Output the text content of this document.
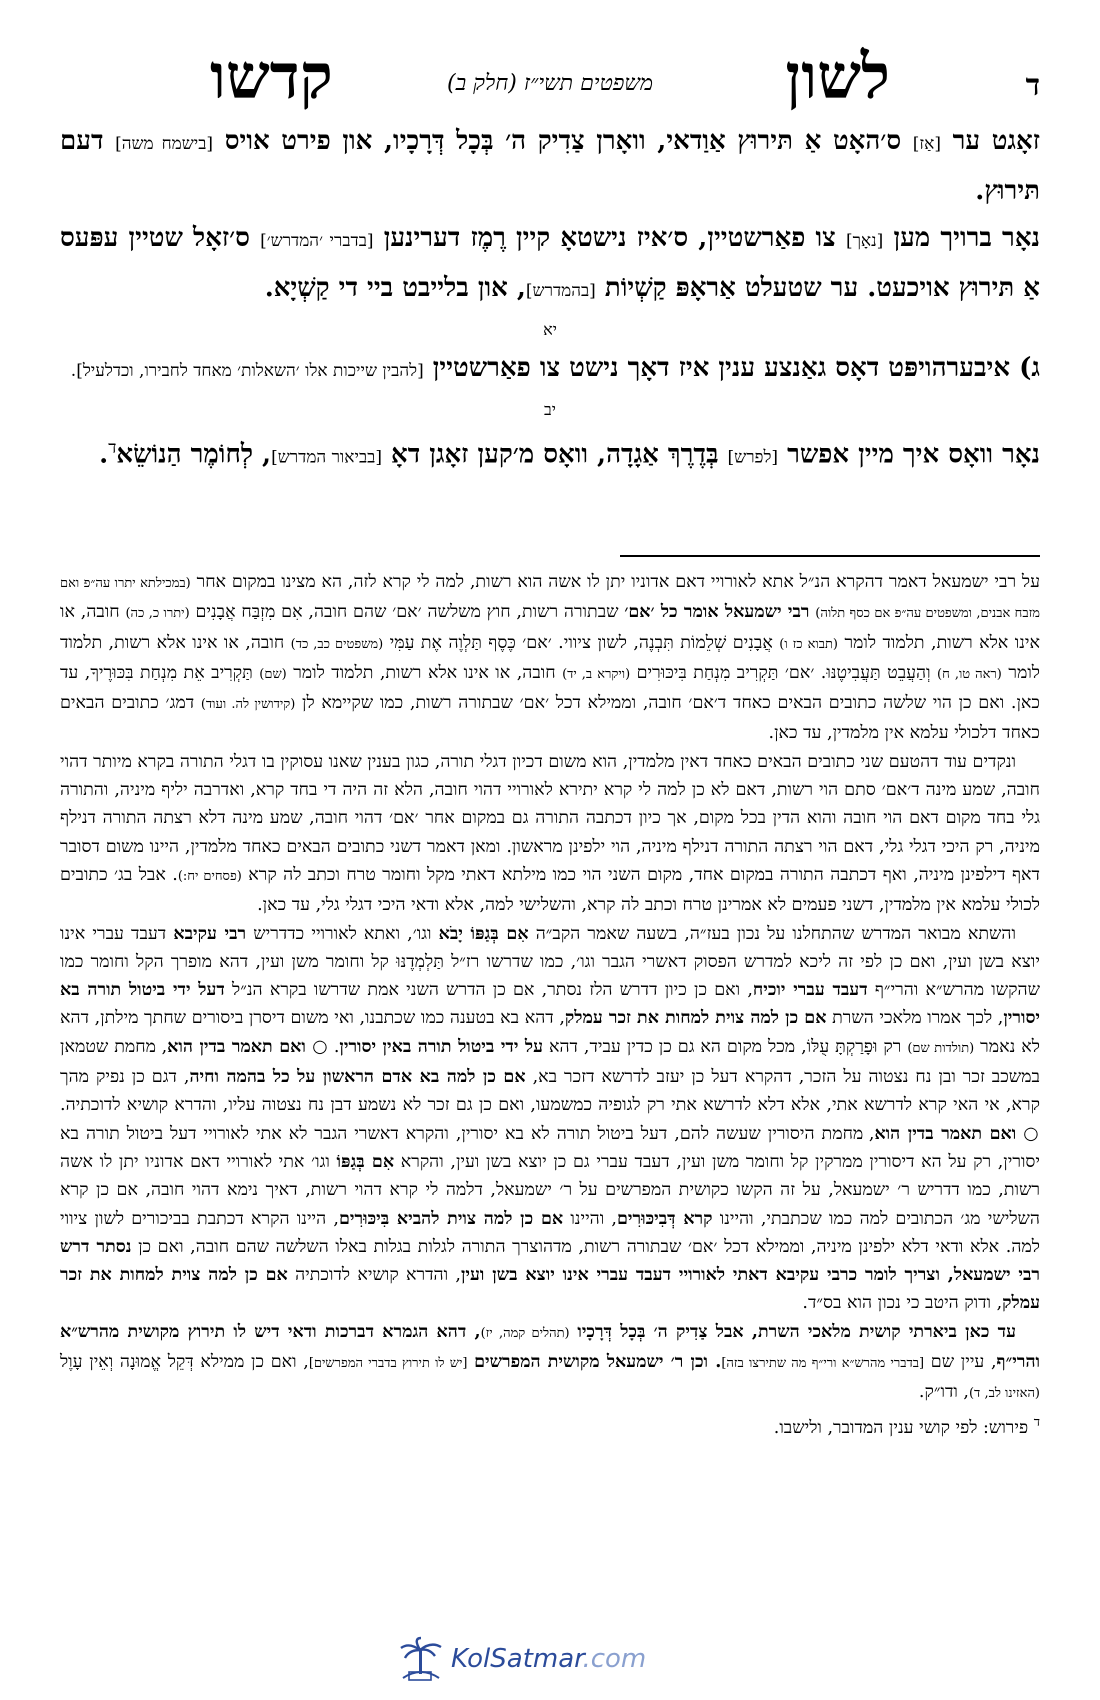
ד
לשון
משפטים תשי״ז (חלק ב)
קדשו

זאָגט ער [אַז] ס׳האָט אַ תּירוּץ אַוַדאי, וואָרן צַדִיק ה׳ בְּכָל דְּרָכָיו, און פירט אויס [בישמח משה] דעם תּירוּץ.

נאָר ברויך מען [נאָך] צו פאַרשטיין, ס׳איז נישטאָ קיין רֶמֶז דערינען [בדברי ׳המדרש׳] ס׳זאָל שטיין עפּעס אַ תּירוּץ אויכעט. ער שטעלט אַראָפּ קַשְׁיוֹת [בהמדרש], און בלייבט ביי די קַשְׁיָא.

יא

ג) איבערהויפּט דאָס גאַנצע ענין איז דאָך נישט צו פאַרשטיין [להבין שייכות אלו ׳השאלות׳ מאחד לחבירו, וכדלעיל].

יב

נאָר וואָס איך מיין אפשר [לפרש] בְּדֶרֶךְ אַגָדָה, וואָס מ׳קען זאָגן דאָ [בביאור המדרש], לְחוֹמֶר הַנוֹשֵׂא$^ד$.

על רבי ישמעאל דאמר דהקרא הנ״ל אתא לאורויי דאם אדוניו יתן לו אשה הוא רשות, למה לי קרא לזה, הא מצינו במקום אחר (במכילתא יתרו עה״פ ואם מזבח אבנים, ומשפטים עה״פ אם כסף תלוה) רבי ישמעאל אומר כל ׳אם׳ שבתורה רשות, חוץ משלשה ׳אם׳ שהם חובה, אִם מִזְבַּח אֲבָנִים (יתרו כ, כה) חובה, או אינו אלא רשות, תלמוד לומר (תבוא כז ו) אֲבָנִים שְׁלֵמוֹת תִּבְנֶה, לשון ציווי. ׳אם׳ כֶּסֶף תַּלְוֶה אֶת עַמִּי (משפטים כב, כד) חובה, או אינו אלא רשות, תלמוד לומר (ראה טו, ח) וְהַעֲבֵט תַּעֲבִיטֶנּוּ. ׳אם׳ תַּקְרִיב מִנְחַת בִּיכּוּרִים (ויקרא ב, יד) חובה, או אינו אלא רשות, תלמוד לומר (שם) תַּקְרִיב אֵת מִנְחַת בִּכּוּרֶיךָ, עד כאן. ואם כן הוי שלשה כתובים הבאים כאחד ד׳אם׳ חובה, וממילא דכל ׳אם׳ שבתורה רשות, כמו שקיימא לן (קידושין לה. ועוד) דמג׳ כתובים הבאים כאחד דלכולי עלמא אין מלמדין, עד כאן.

ונקדים עוד דהטעם שני כתובים הבאים כאחד דאין מלמדין, הוא משום דכיון דגלי תורה, כגון בענין שאנו עסוקין בו דגלי התורה בקרא מיותר דהוי חובה, שמע מינה ד׳אם׳ סתם הוי רשות, דאם לא כן למה לי קרא יתירא לאורויי דהוי חובה, הלא זה היה די בחד קרא, ואדרבה יליף מיניה, והתורה גלי בחד מקום דאם הוי חובה והוא הדין בכל מקום, אך כיון דכתבה התורה גם במקום אחר ׳אם׳ דהוי חובה, שמע מינה דלא רצתה התורה דנילף מיניה, רק היכי דגלי גלי, דאם הוי רצתה התורה דנילף מיניה, הוי ילפינן מראשון. ומאן דאמר דשני כתובים הבאים כאחד מלמדין, היינו משום דסובר דאף דילפינן מיניה, ואף דכתבה התורה במקום אחד, מקום השני הוי כמו מילתא דאתי מקל וחומר טרח וכתב לה קרא (פסחים יח:). אבל בג׳ כתובים לכולי עלמא אין מלמדין, דשני פעמים לא אמרינן טרח וכתב לה קרא, והשלישי למה, אלא ודאי היכי דגלי גלי, עד כאן.

והשתא מבואר המדרש שהתחלנו על נכון בעז״ה, בשעה שאמר הקב״ה אִם בְּגַפּוֹ יָבֹא וגו׳, ואתא לאורויי כדדריש רבי עקיבא דעבד עברי אינו יוצא בשן ועין, ואם כן לפי זה ליכא למדרש הפסוק דאשרי הגבר וגו׳, כמו שדרשו רז״ל תַּלְמְדֶנּוּ קל וחומר משן ועין, דהא מופרך הקל וחומר כמו שהקשו מהרש״א והרי״ף דעבד עברי יוכיח, ואם כן כיון דדרש הלז נסתר, אם כן הדרש השני אמת שדרשו בקרא הנ״ל דעל ידי ביטול תורה בא יסורין, לכך אמרו מלאכי השרת אם כן למה צוית למחות את זכר עמלק, דהא בא בטענה כמו שכתבנו, ואי משום דיסרן ביסורים שחתך מילתן, דהא לא נאמר (תולדות שם) רק וּפָרַקְתָּ עֻלּוֹ, מכל מקום הא גם כן כדין עביד, דהא על ידי ביטול תורה באין יסורין. ○ ואם תאמר בדין הוא, מחמת שטמאן במשכב זכר ובן נח נצטוה על הזכר, דהקרא דעל כן יעזב לדרשא דזכר בא, אם כן למה בא אדם הראשון על כל בהמה וחיה, דגם כן נפיק מהך קרא, אי האי קרא לדרשא אתי, אלא דלא לדרשא אתי רק לגופיה כמשמעו, ואם כן גם זכר לא נשמע דבן נח נצטוה עליו, והדרא קושיא לדוכתיה. ○ ואם תאמר בדין הוא, מחמת היסורין שעשה להם, דעל ביטול תורה לא בא יסורין, והקרא דאשרי הגבר לא אתי לאורויי דעל ביטול תורה בא יסורין, רק על הא דיסורין ממרקין קל וחומר משן ועין, דעבד עברי גם כן יוצא בשן ועין, והקרא אִם בְּגַפּוֹ וגו׳ אתי לאורויי דאם אדוניו יתן לו אשה רשות, כמו דדריש ר׳ ישמעאל, על זה הקשו כקושית המפרשים על ר׳ ישמעאל, דלמה לי קרא דהוי רשות, דאיך נימא דהוי חובה, אם כן קרא השלישי מג׳ הכתובים למה כמו שכתבתי, והיינו קרא דְּבִיכּוּרִים, והיינו אם כן למה צוית להביא בִּיכּוּרִים, היינו הקרא דכתבת בביכורים לשון ציווי למה. אלא ודאי דלא ילפינן מיניה, וממילא דכל ׳אם׳ שבתורה רשות, מדהוצרך התורה לגלות בגלות באלו השלשה שהם חובה, ואם כן נסתר דרש רבי ישמעאל, וצריך לומר כרבי עקיבא דאתי לאורויי דעבד עברי אינו יוצא בשן ועין, והדרא קושיא לדוכתיה אם כן למה צוית למחות את זכר עמלק, ודוק היטב כי נכון הוא בס״ד.

עד כאן ביארתי קושית מלאכי השרת, אבל צַדִיק ה׳ בְּכָל דְּרָכָיו (תהלים קמה, יז), דהא הגמרא דברכות ודאי דיש לו תירוץ מקושית מהרש״א והרי״ף, עיין שם [בדברי מהרש״א ורי״ף מה שתירצו בזה]. וכן ר׳ ישמעאל מקושית המפרשים [יש לו תירוץ בדברי המפרשים], ואם כן ממילא דְּקֵל אֱמוּנָה וְאֵין עָוֶל (האזינו לב, ד), ודו״ק.

$^ד$ פירוש: לפי קושי ענין המדובר, ולישבו.

KolSatmar.com
